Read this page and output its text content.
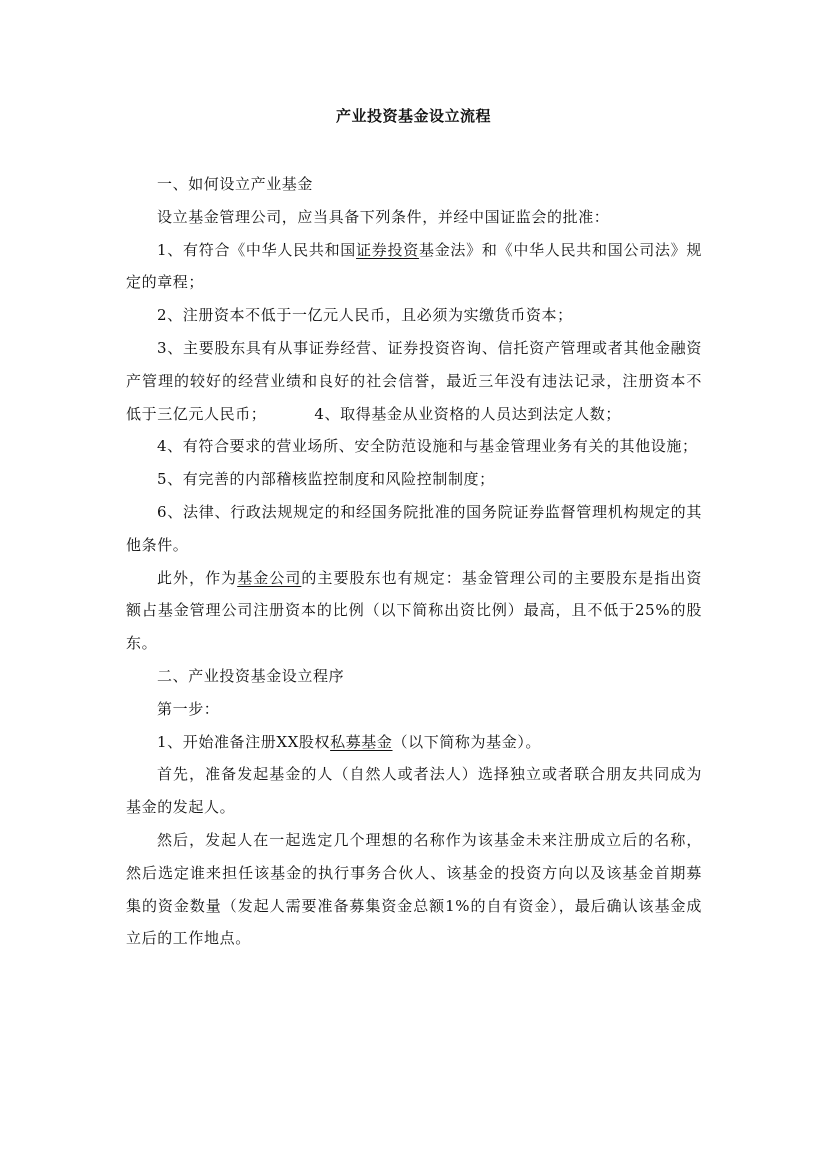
产业投资基金设立流程

一、如何设立产业基金

设立基金管理公司，应当具备下列条件，并经中国证监会的批准：

1、有符合《中华人民共和国证券投资基金法》和《中华人民共和国公司法》规定的章程；

2、注册资本不低于一亿元人民币，且必须为实缴货币资本；

3、主要股东具有从事证券经营、证券投资咨询、信托资产管理或者其他金融资产管理的较好的经营业绩和良好的社会信誉，最近三年没有违法记录，注册资本不低于三亿元人民币；	4、取得基金从业资格的人员达到法定人数；

4、有符合要求的营业场所、安全防范设施和与基金管理业务有关的其他设施；

5、有完善的内部稽核监控制度和风险控制制度；

6、法律、行政法规规定的和经国务院批准的国务院证券监督管理机构规定的其他条件。

此外，作为基金公司的主要股东也有规定：基金管理公司的主要股东是指出资额占基金管理公司注册资本的比例（以下简称出资比例）最高，且不低于25%的股东。

二、产业投资基金设立程序

第一步：

1、开始准备注册XX股权私募基金（以下简称为基金）。

首先，准备发起基金的人（自然人或者法人）选择独立或者联合朋友共同成为基金的发起人。

然后，发起人在一起选定几个理想的名称作为该基金未来注册成立后的名称，然后选定谁来担任该基金的执行事务合伙人、该基金的投资方向以及该基金首期募集的资金数量（发起人需要准备募集资金总额1%的自有资金），最后确认该基金成立后的工作地点。
